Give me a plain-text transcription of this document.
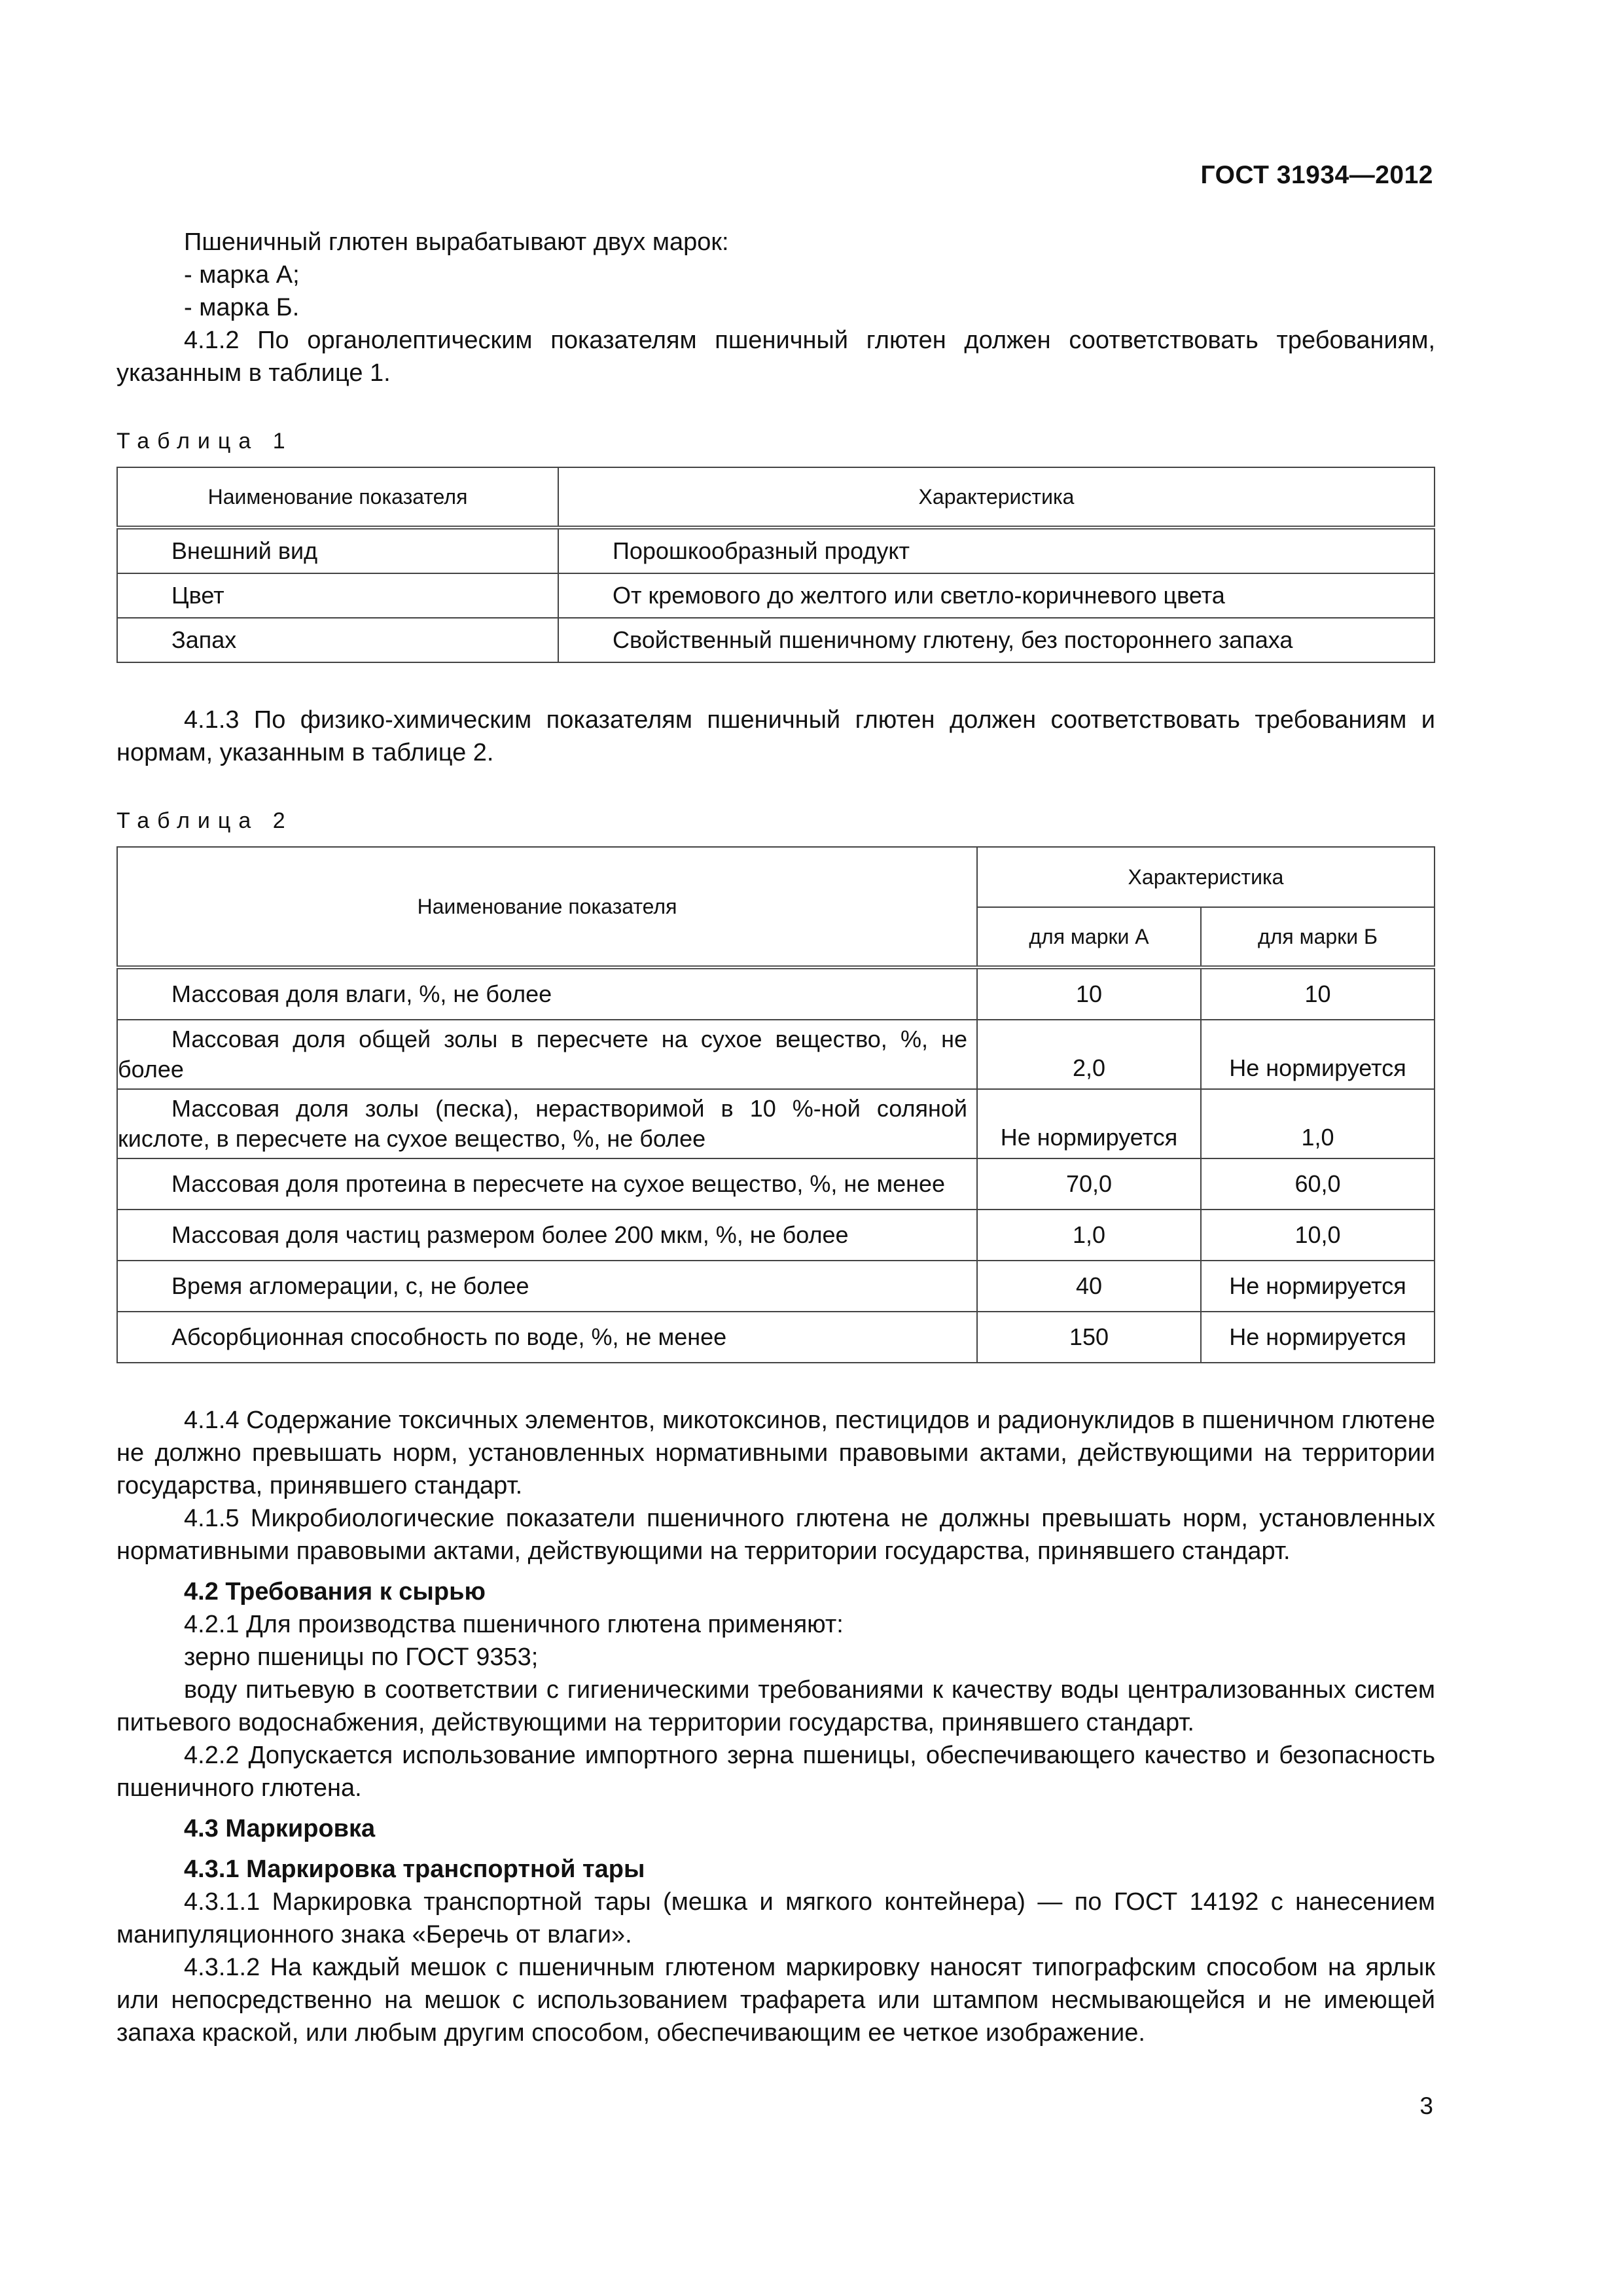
ГОСТ 31934—2012

Пшеничный глютен вырабатывают двух марок:

- марка А;

- марка Б.

4.1.2 По органолептическим показателям пшеничный глютен должен соответствовать требованиям, указанным в таблице 1.

Таблица 1
Наименование показателя	Характеристика
Внешний вид	Порошкообразный продукт
Цвет	От кремового до желтого или светло-коричневого цвета
Запах	Свойственный пшеничному глютену, без постороннего запаха

4.1.3 По физико-химическим показателям пшеничный глютен должен соответствовать требованиям и нормам, указанным в таблице 2.

Таблица 2
Наименование показателя	Характеристика	
	для марки А	для марки Б
Массовая доля влаги, %, не более	10	10
Массовая доля общей золы в пересчете на сухое вещество, %, не более	2,0	Не нормируется
Массовая доля золы (песка), нерастворимой в 10 %-ной соляной кислоте, в пересчете на сухое вещество, %, не более	Не нормируется	1,0
Массовая доля протеина в пересчете на сухое вещество, %, не менее	70,0	60,0
Массовая доля частиц размером более 200 мкм, %, не более	1,0	10,0
Время агломерации, с, не более	40	Не нормируется
Абсорбционная способность по воде, %, не менее	150	Не нормируется

4.1.4 Содержание токсичных элементов, микотоксинов, пестицидов и радионуклидов в пшеничном глютене не должно превышать норм, установленных нормативными правовыми актами, действующими на территории государства, принявшего стандарт.

4.1.5 Микробиологические показатели пшеничного глютена не должны превышать норм, установленных нормативными правовыми актами, действующими на территории государства, принявшего стандарт.

4.2 Требования к сырью

4.2.1 Для производства пшеничного глютена применяют:

зерно пшеницы по ГОСТ 9353;

воду питьевую в соответствии с гигиеническими требованиями к качеству воды централизованных систем питьевого водоснабжения, действующими на территории государства, принявшего стандарт.

4.2.2 Допускается использование импортного зерна пшеницы, обеспечивающего качество и безопасность пшеничного глютена.

4.3 Маркировка

4.3.1 Маркировка транспортной тары

4.3.1.1 Маркировка транспортной тары (мешка и мягкого контейнера) — по ГОСТ 14192 с нанесением манипуляционного знака «Беречь от влаги».

4.3.1.2 На каждый мешок с пшеничным глютеном маркировку наносят типографским способом на ярлык или непосредственно на мешок с использованием трафарета или штампом несмывающейся и не имеющей запаха краской, или любым другим способом, обеспечивающим ее четкое изображение.

3
